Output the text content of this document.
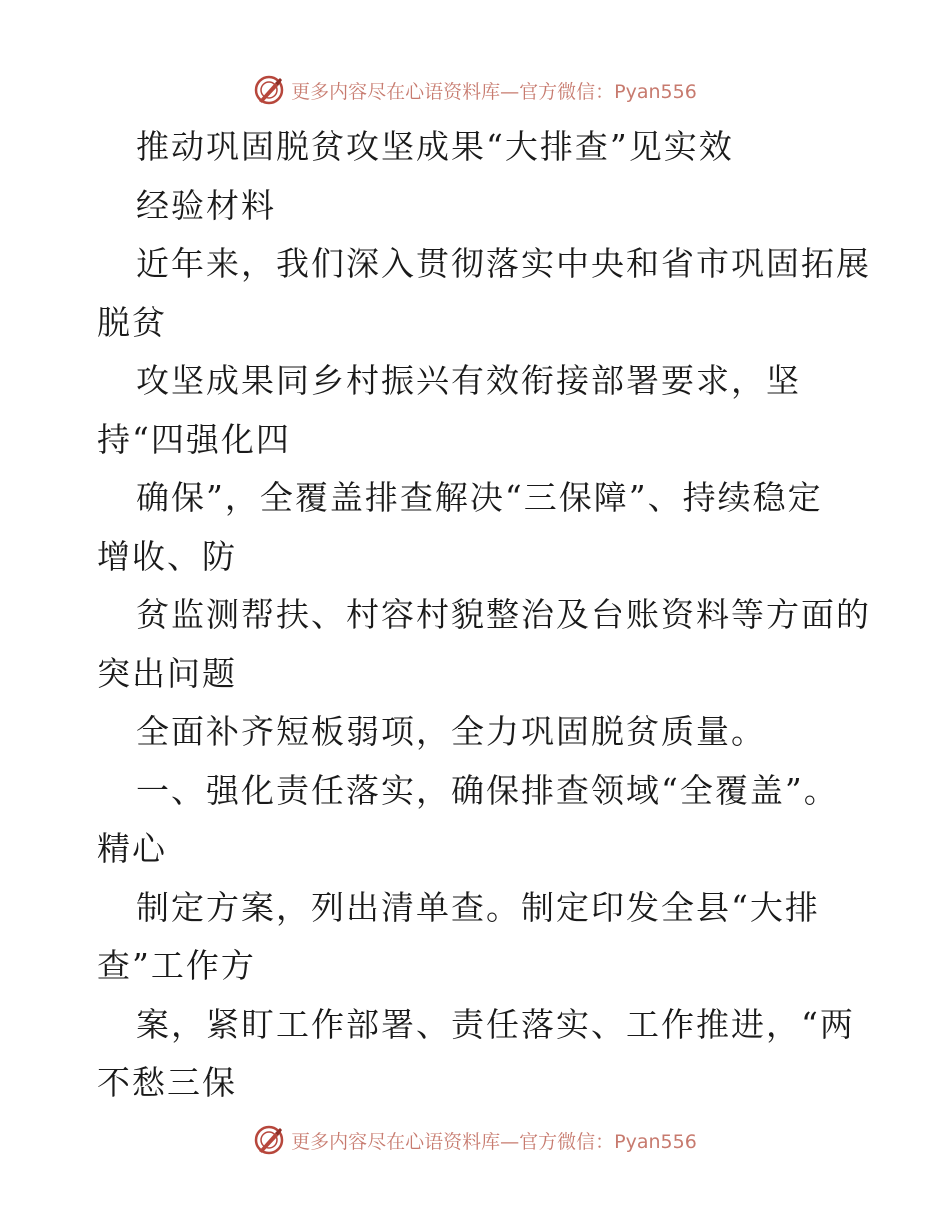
更多内容尽在心语资料库—官方微信：Pyan556
推动巩固脱贫攻坚成果“大排查”见实效
经验材料
近年来，我们深入贯彻落实中央和省市巩固拓展
脱贫
攻坚成果同乡村振兴有效衔接部署要求，坚
持“四强化四
确保”，全覆盖排查解决“三保障”、持续稳定
增收、防
贫监测帮扶、村容村貌整治及台账资料等方面的
突出问题
全面补齐短板弱项，全力巩固脱贫质量。
一、强化责任落实，确保排查领域“全覆盖”。
精心
制定方案，列出清单查。制定印发全县“大排
查”工作方
案，紧盯工作部署、责任落实、工作推进，“两
不愁三保
更多内容尽在心语资料库—官方微信：Pyan556
